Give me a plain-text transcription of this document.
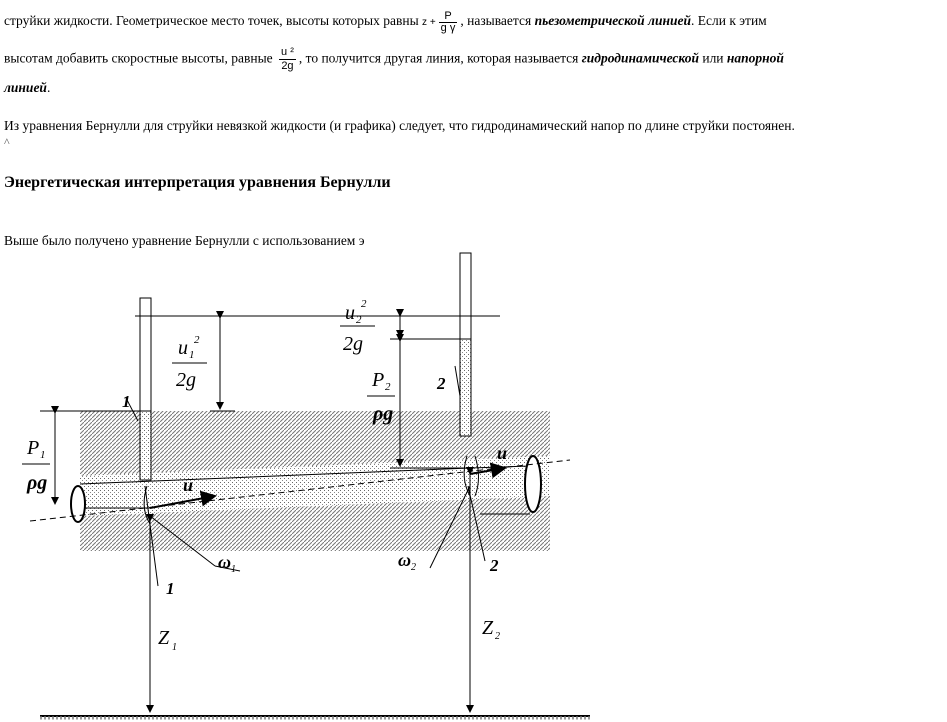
струйки жидкости. Геометрическое место точек, высоты которых равны $z + \frac{P}{\text{g γ}}$ , называется пьезометрической линией. Если к этим
высотам добавить скоростные высоты, равные $\frac{\text{u ²}}{2g}$ , то получится другая линия, которая называется гидродинамической или напорной
линией.
Из уравнения Бернулли для струйки невязкой жидкости (и графика) следует, что гидродинамический напор по длине струйки постоянен.
^
Энергетическая интерпретация уравнения Бернулли
Выше было получено уравнение Бернулли с использованием э
u 1
2
2g
u 2
2
2g
P 2
ρg
P 1
ρg
1
2
1
2
u
u
ω 1	ω 2
Z 1
Z 2
